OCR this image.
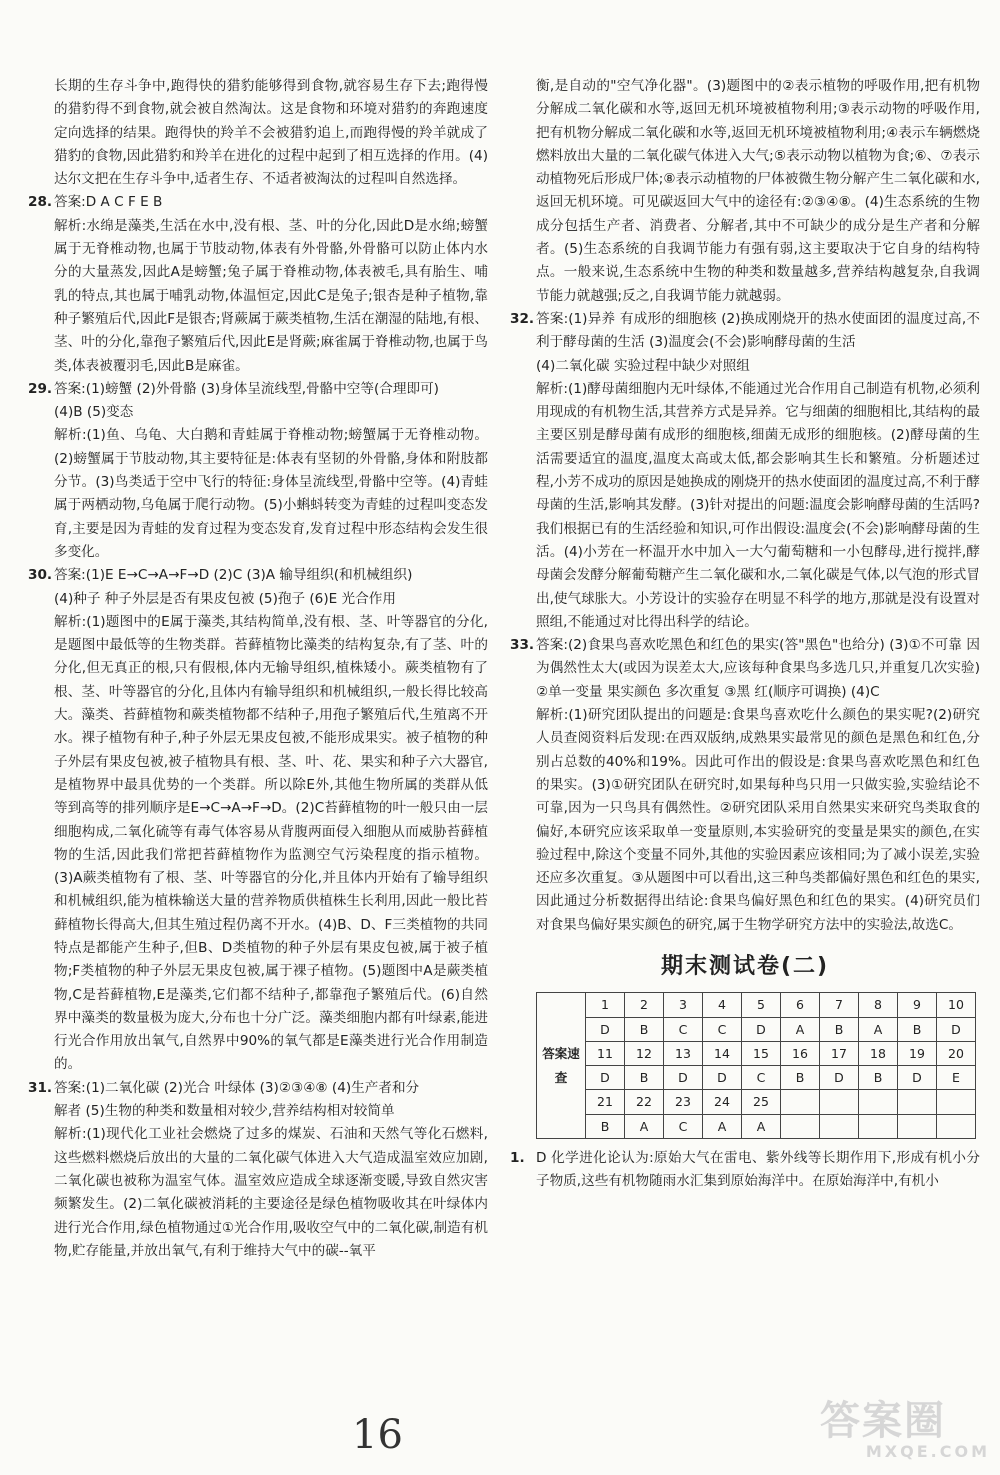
长期的生存斗争中,跑得快的猎豹能够得到食物,就容易生存下去;跑得慢的猎豹得不到食物,就会被自然淘汰。这是食物和环境对猎豹的奔跑速度定向选择的结果。跑得快的羚羊不会被猎豹追上,而跑得慢的羚羊就成了猎豹的食物,因此猎豹和羚羊在进化的过程中起到了相互选择的作用。(4)达尔文把在生存斗争中,适者生存、不适者被淘汰的过程叫自然选择。

28. 答案:D A C F E B

解析:水绵是藻类,生活在水中,没有根、茎、叶的分化,因此D是水绵;螃蟹属于无脊椎动物,也属于节肢动物,体表有外骨骼,外骨骼可以防止体内水分的大量蒸发,因此A是螃蟹;兔子属于脊椎动物,体表被毛,具有胎生、哺乳的特点,其也属于哺乳动物,体温恒定,因此C是兔子;银杏是种子植物,靠种子繁殖后代,因此F是银杏;肾蕨属于蕨类植物,生活在潮湿的陆地,有根、茎、叶的分化,靠孢子繁殖后代,因此E是肾蕨;麻雀属于脊椎动物,也属于鸟类,体表被覆羽毛,因此B是麻雀。

29. 答案:(1)螃蟹 (2)外骨骼 (3)身体呈流线型,骨骼中空等(合理即可)

(4)B (5)变态

解析:(1)鱼、乌龟、大白鹅和青蛙属于脊椎动物;螃蟹属于无脊椎动物。(2)螃蟹属于节肢动物,其主要特征是:体表有坚韧的外骨骼,身体和附肢都分节。(3)鸟类适于空中飞行的特征:身体呈流线型,骨骼中空等。(4)青蛙属于两栖动物,乌龟属于爬行动物。(5)小蝌蚪转变为青蛙的过程叫变态发育,主要是因为青蛙的发育过程为变态发育,发育过程中形态结构会发生很多变化。

30. 答案:(1)E E→C→A→F→D (2)C (3)A 输导组织(和机械组织)

(4)种子 种子外层是否有果皮包被 (5)孢子 (6)E 光合作用

解析:(1)题图中的E属于藻类,其结构简单,没有根、茎、叶等器官的分化,是题图中最低等的生物类群。苔藓植物比藻类的结构复杂,有了茎、叶的分化,但无真正的根,只有假根,体内无输导组织,植株矮小。蕨类植物有了根、茎、叶等器官的分化,且体内有输导组织和机械组织,一般长得比较高大。藻类、苔藓植物和蕨类植物都不结种子,用孢子繁殖后代,生殖离不开水。裸子植物有种子,种子外层无果皮包被,不能形成果实。被子植物的种子外层有果皮包被,被子植物具有根、茎、叶、花、果实和种子六大器官,是植物界中最具优势的一个类群。所以除E外,其他生物所属的类群从低等到高等的排列顺序是E→C→A→F→D。(2)C苔藓植物的叶一般只由一层细胞构成,二氧化硫等有毒气体容易从背腹两面侵入细胞从而威胁苔藓植物的生活,因此我们常把苔藓植物作为监测空气污染程度的指示植物。(3)A蕨类植物有了根、茎、叶等器官的分化,并且体内开始有了输导组织和机械组织,能为植株输送大量的营养物质供植株生长利用,因此一般比苔藓植物长得高大,但其生殖过程仍离不开水。(4)B、D、F三类植物的共同特点是都能产生种子,但B、D类植物的种子外层有果皮包被,属于被子植物;F类植物的种子外层无果皮包被,属于裸子植物。(5)题图中A是蕨类植物,C是苔藓植物,E是藻类,它们都不结种子,都靠孢子繁殖后代。(6)自然界中藻类的数量极为庞大,分布也十分广泛。藻类细胞内都有叶绿素,能进行光合作用放出氧气,自然界中90%的氧气都是E藻类进行光合作用制造的。

31. 答案:(1)二氧化碳 (2)光合 叶绿体 (3)②③④⑧ (4)生产者和分

解者 (5)生物的种类和数量相对较少,营养结构相对较简单

解析:(1)现代化工业社会燃烧了过多的煤炭、石油和天然气等化石燃料,这些燃料燃烧后放出的大量的二氧化碳气体进入大气造成温室效应加剧,二氧化碳也被称为温室气体。温室效应造成全球逐渐变暖,导致自然灾害频繁发生。(2)二氧化碳被消耗的主要途径是绿色植物吸收其在叶绿体内进行光合作用,绿色植物通过①光合作用,吸收空气中的二氧化碳,制造有机物,贮存能量,并放出氧气,有利于维持大气中的碳--氧平

衡,是自动的"空气净化器"。(3)题图中的②表示植物的呼吸作用,把有机物分解成二氧化碳和水等,返回无机环境被植物利用;③表示动物的呼吸作用,把有机物分解成二氧化碳和水等,返回无机环境被植物利用;④表示车辆燃烧燃料放出大量的二氧化碳气体进入大气;⑤表示动物以植物为食;⑥、⑦表示动植物死后形成尸体;⑧表示动植物的尸体被微生物分解产生二氧化碳和水,返回无机环境。可见碳返回大气中的途径有:②③④⑧。(4)生态系统的生物成分包括生产者、消费者、分解者,其中不可缺少的成分是生产者和分解者。(5)生态系统的自我调节能力有强有弱,这主要取决于它自身的结构特点。一般来说,生态系统中生物的种类和数量越多,营养结构越复杂,自我调节能力就越强;反之,自我调节能力就越弱。

32. 答案:(1)异养 有成形的细胞核 (2)换成刚烧开的热水使面团的温度过高,不利于酵母菌的生活 (3)温度会(不会)影响酵母菌的生活

(4)二氧化碳 实验过程中缺少对照组

解析:(1)酵母菌细胞内无叶绿体,不能通过光合作用自己制造有机物,必须利用现成的有机物生活,其营养方式是异养。它与细菌的细胞相比,其结构的最主要区别是酵母菌有成形的细胞核,细菌无成形的细胞核。(2)酵母菌的生活需要适宜的温度,温度太高或太低,都会影响其生长和繁殖。分析题述过程,小芳不成功的原因是她换成的刚烧开的热水使面团的温度过高,不利于酵母菌的生活,影响其发酵。(3)针对提出的问题:温度会影响酵母菌的生活吗?我们根据已有的生活经验和知识,可作出假设:温度会(不会)影响酵母菌的生活。(4)小芳在一杯温开水中加入一大勺葡萄糖和一小包酵母,进行搅拌,酵母菌会发酵分解葡萄糖产生二氧化碳和水,二氧化碳是气体,以气泡的形式冒出,使气球胀大。小芳设计的实验存在明显不科学的地方,那就是没有设置对照组,不能通过对比得出科学的结论。

33. 答案:(2)食果鸟喜欢吃黑色和红色的果实(答"黑色"也给分) (3)①不可靠 因为偶然性太大(或因为误差太大,应该每种食果鸟多选几只,并重复几次实验) ②单一变量 果实颜色 多次重复 ③黑 红(顺序可调换) (4)C

解析:(1)研究团队提出的问题是:食果鸟喜欢吃什么颜色的果实呢?(2)研究人员查阅资料后发现:在西双版纳,成熟果实最常见的颜色是黑色和红色,分别占总数的40%和19%。因此可作出的假设是:食果鸟喜欢吃黑色和红色的果实。(3)①研究团队在研究时,如果每种鸟只用一只做实验,实验结论不可靠,因为一只鸟具有偶然性。②研究团队采用自然果实来研究鸟类取食的偏好,本研究应该采取单一变量原则,本实验研究的变量是果实的颜色,在实验过程中,除这个变量不同外,其他的实验因素应该相同;为了减小误差,实验还应多次重复。③从题图中可以看出,这三种鸟类都偏好黑色和红色的果实,因此通过分析数据得出结论:食果鸟偏好黑色和红色的果实。(4)研究员们对食果鸟偏好果实颜色的研究,属于生物学研究方法中的实验法,故选C。

期末测试卷(二)
答案速查	1	2	3	4	5	6	7	8	9	10
	D	B	C	C	D	A	B	A	B	D
	11	12	13	14	15	16	17	18	19	20
	D	B	D	D	C	B	D	B	D	E
	21	22	23	24	25					
	B	A	C	A	A					
1. D 化学进化论认为:原始大气在雷电、紫外线等长期作用下,形成有机小分子物质,这些有机物随雨水汇集到原始海洋中。在原始海洋中,有机小

16	答案圈
MXQE.COM
